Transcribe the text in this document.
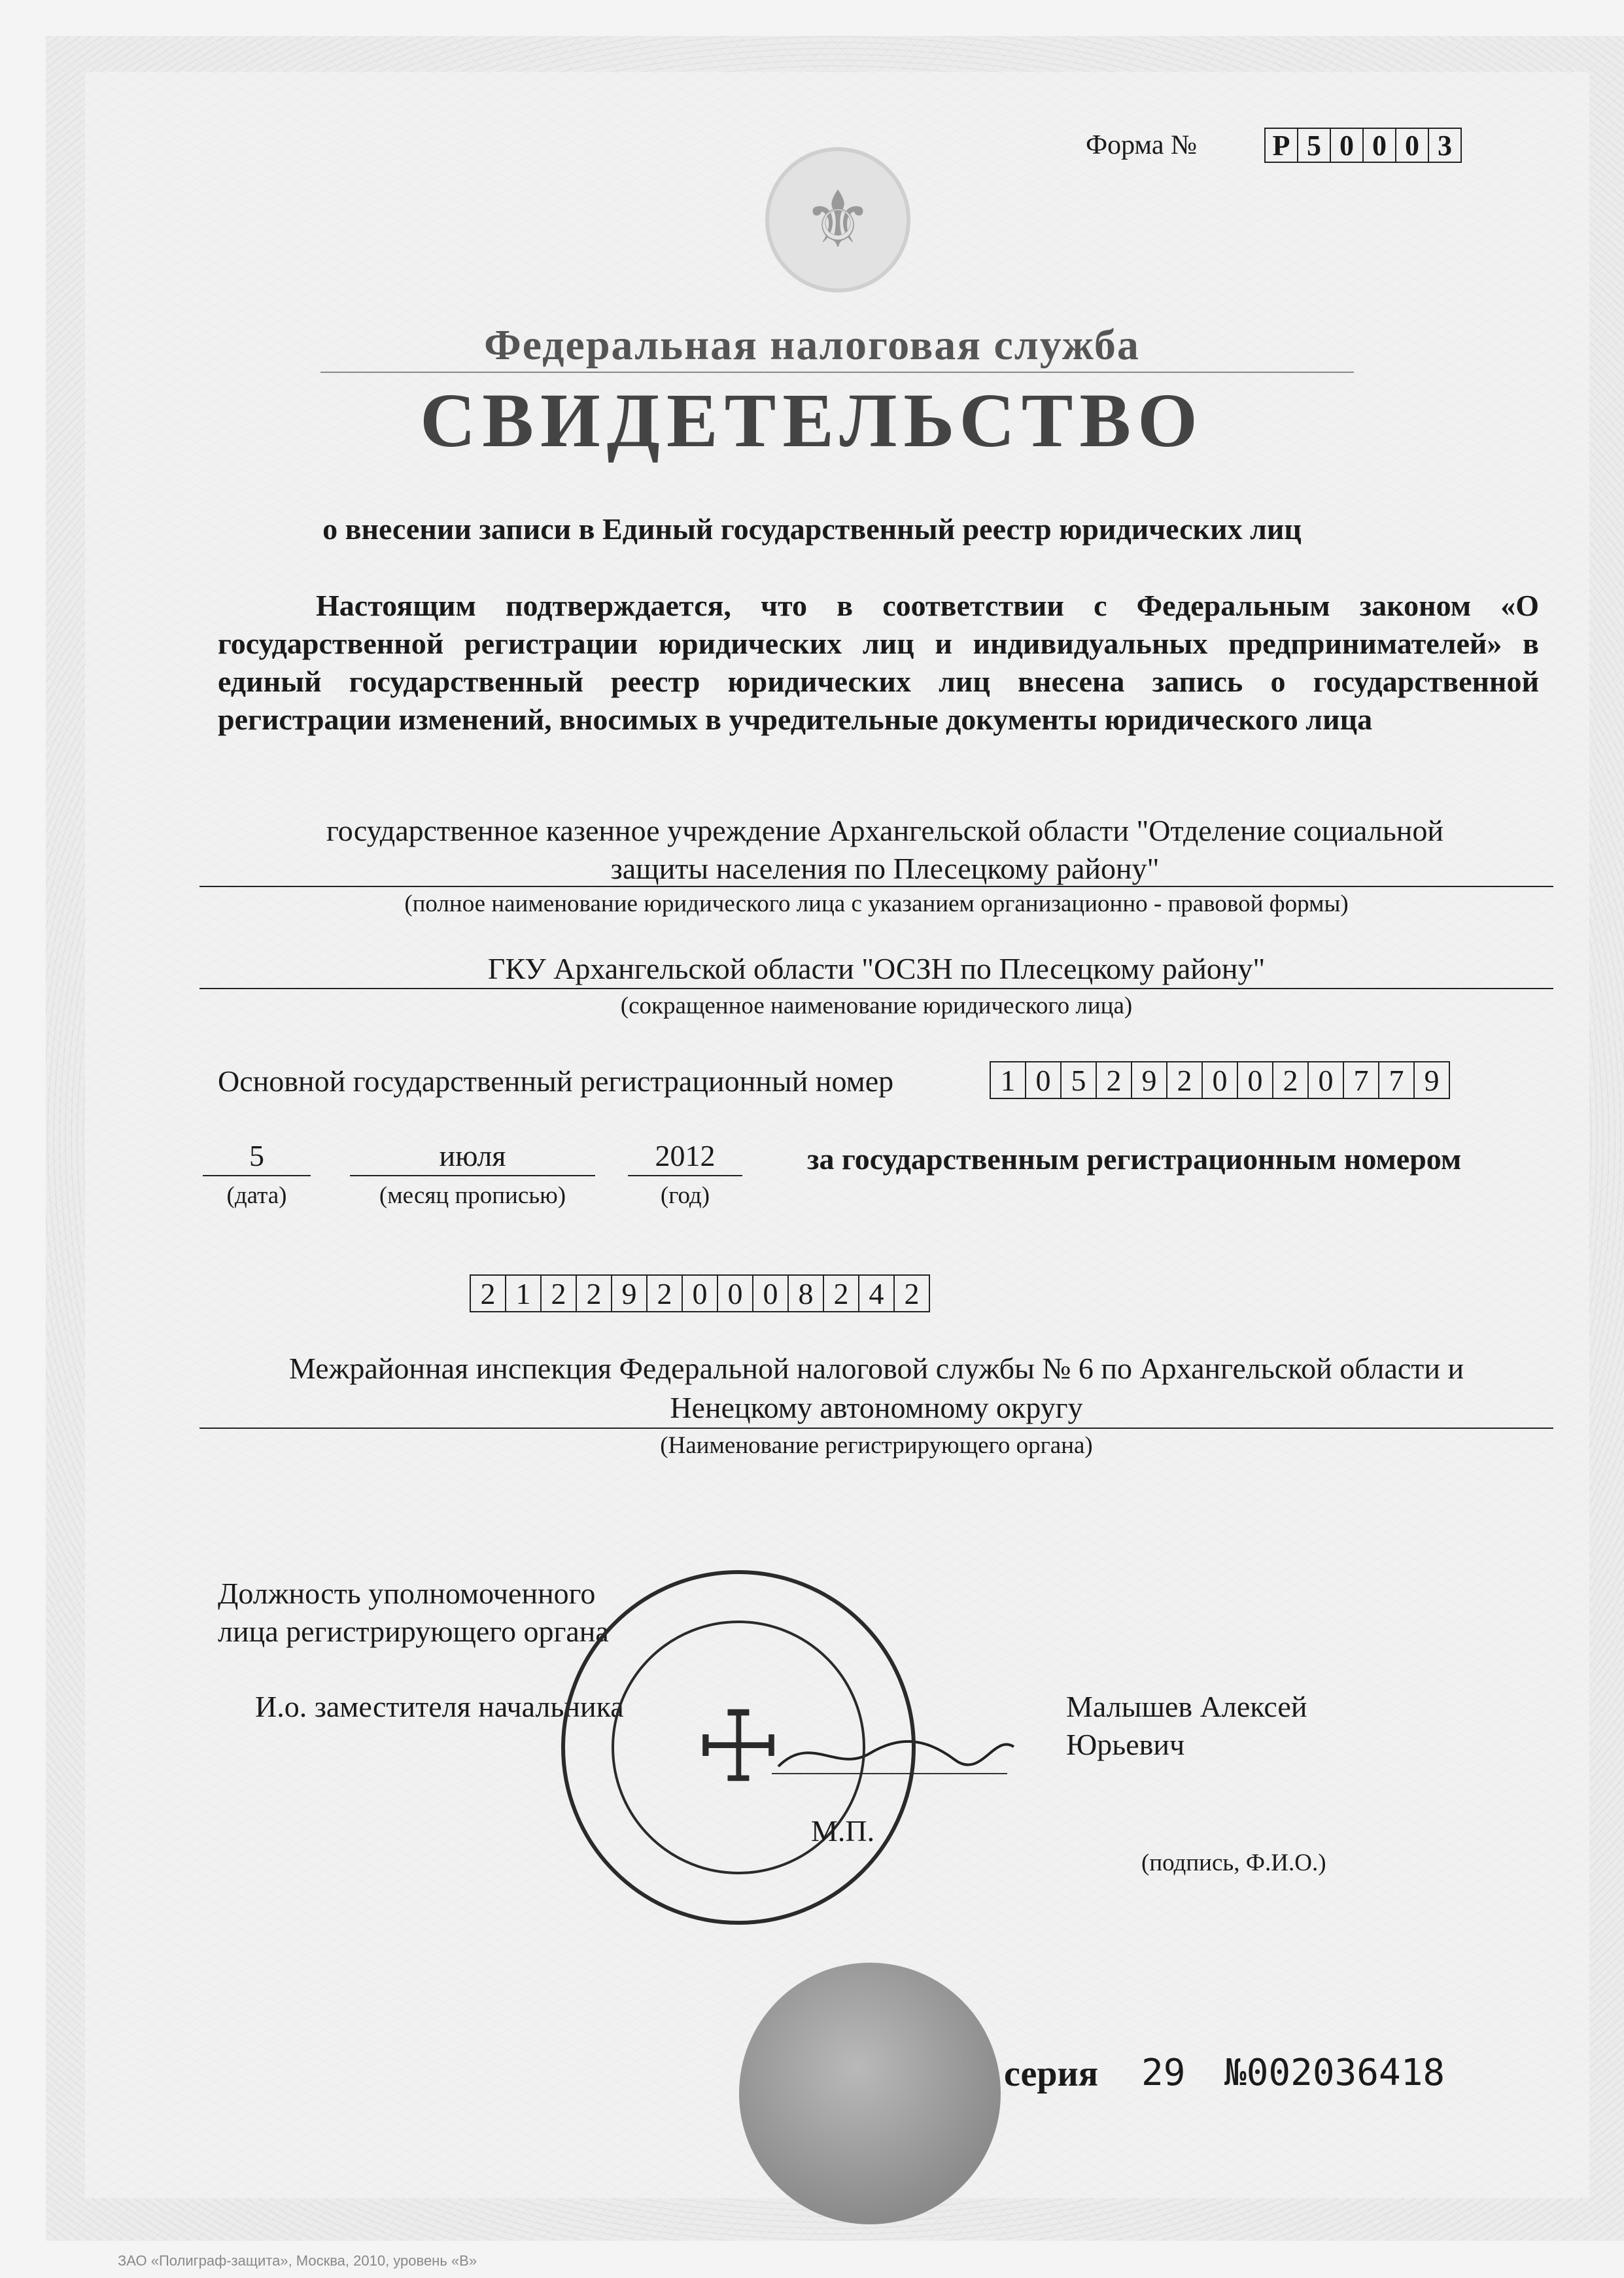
⚜
Форма №	Р 5 0 0 0 3
Федеральная налоговая служба
СВИДЕТЕЛЬСТВО
о внесении записи в Единый государственный реестр юридических лиц
Настоящим подтверждается, что в соответствии с Федеральным законом «О государственной регистрации юридических лиц и индивидуальных предпринимателей» в единый государственный реестр юридических лиц внесена запись о государственной регистрации изменений, вносимых в учредительные документы юридического лица
государственное казенное учреждение Архангельской области "Отделение социальной
защиты населения по Плесецкому району"
(полное наименование юридического лица с указанием организационно - правовой формы)
ГКУ Архангельской области "ОСЗН по Плесецкому району"
(сокращенное наименование юридического лица)
Основной государственный регистрационный номер	1 0 5 2 9 2 0 0 2 0 7 7 9
5
(дата)
июля
(месяц прописью)
2012
(год)
за государственным регистрационным номером
2 1 2 2 9 2 0 0 0 8 2 4 2
Межрайонная инспекция Федеральной налоговой службы № 6 по Архангельской области и
Ненецкому автономному округу
(Наименование регистрирующего органа)
Должность уполномоченного
лица регистрирующего органа
И.о. заместителя начальника	Малышев Алексей
Юрьевич
☩
М.П.
(подпись, Ф.И.О.)
серия 29 №002036418
ЗАО «Полиграф-защита», Москва, 2010, уровень «В»
